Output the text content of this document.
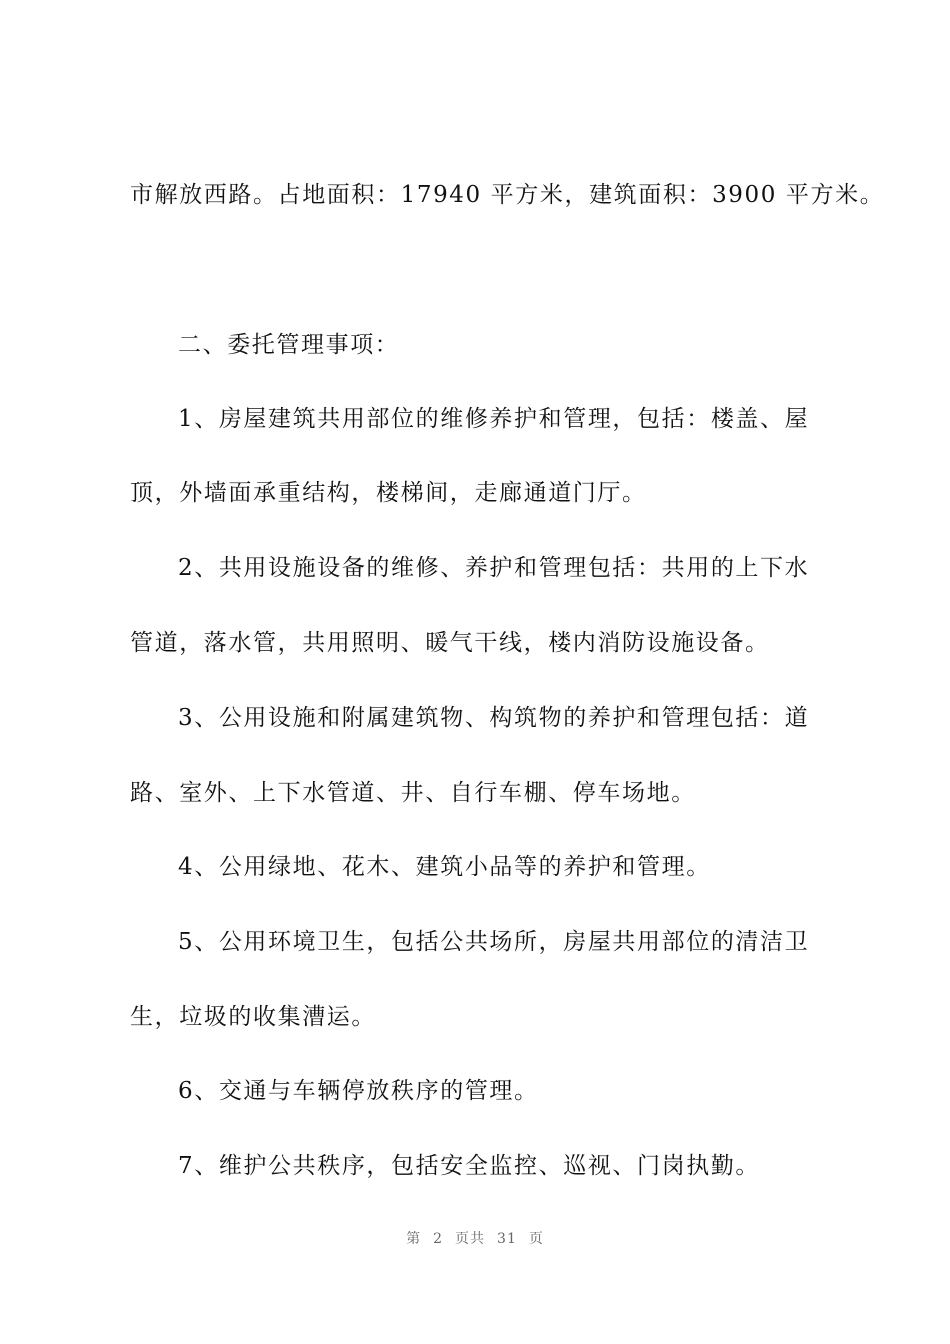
市解放西路。占地面积：17940 平方米，建筑面积：3900 平方米。
二、委托管理事项：
1、房屋建筑共用部位的维修养护和管理，包括：楼盖、屋
顶，外墙面承重结构，楼梯间，走廊通道门厅。
2、共用设施设备的维修、养护和管理包括：共用的上下水
管道，落水管，共用照明、暖气干线，楼内消防设施设备。
3、公用设施和附属建筑物、构筑物的养护和管理包括：道
路、室外、上下水管道、井、自行车棚、停车场地。
4、公用绿地、花木、建筑小品等的养护和管理。
5、公用环境卫生，包括公共场所，房屋共用部位的清洁卫
生，垃圾的收集漕运。
6、交通与车辆停放秩序的管理。
7、维护公共秩序，包括安全监控、巡视、门岗执勤。
第 2 页共 31 页
